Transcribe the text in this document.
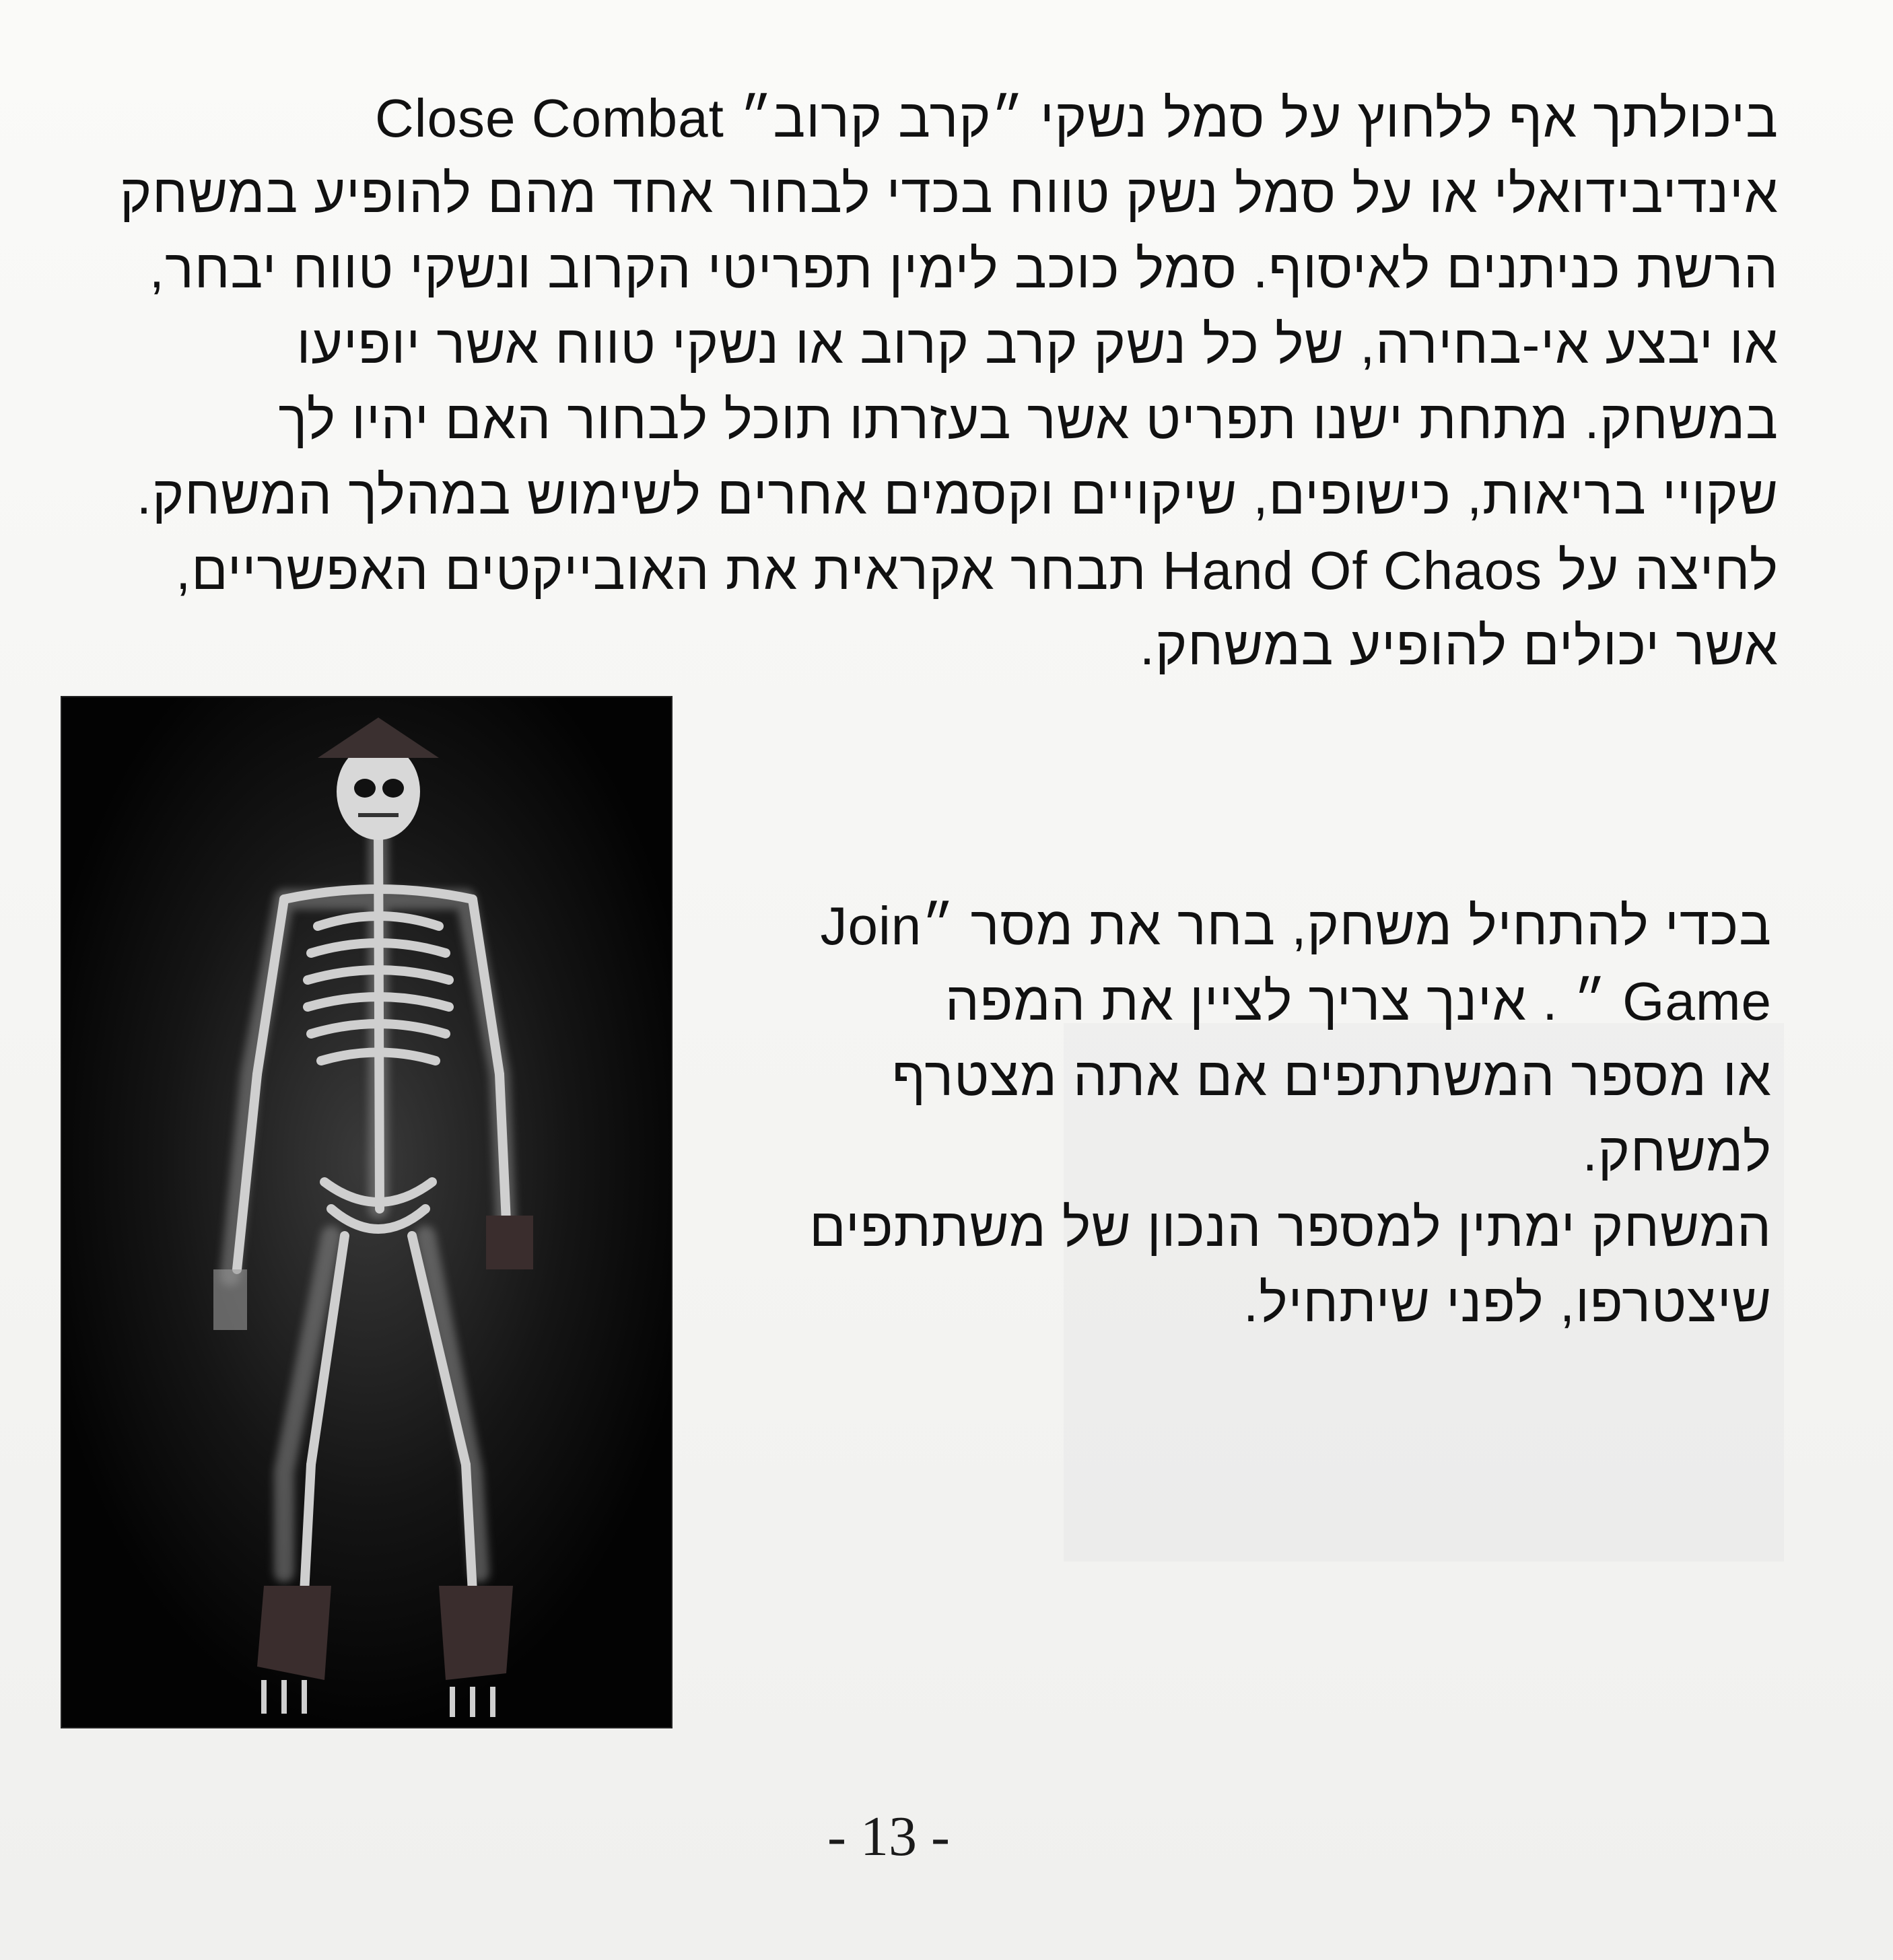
ביכולתך אף ללחוץ על סמל נשקי ״קרב קרוב״ Close Combat

אינדיבידואלי או על סמל נשק טווח בכדי לבחור אחד מהם להופיע במשחק

הרשת כניתנים לאיסוף. סמל כוכב לימין תפריטי הקרוב ונשקי טווח יבחר,

או יבצע אי-בחירה, של כל נשק קרב קרוב או נשקי טווח אשר יופיעו

במשחק. מתחת ישנו תפריט אשר בעזרתו תוכל לבחור האם יהיו לך

שקויי בריאות, כישופים, שיקויים וקסמים אחרים לשימוש במהלך המשחק.

לחיצה על Hand Of Chaos תבחר אקראית את האובייקטים האפשריים,

אשר יכולים להופיע במשחק.

בכדי להתחיל משחק, בחר את מסר ״Join

Game ״ . אינך צריך לציין את המפה

או מספר המשתתפים אם אתה מצטרף

למשחק.

המשחק ימתין למספר הנכון של משתתפים

שיצטרפו, לפני שיתחיל.

- 13 -
